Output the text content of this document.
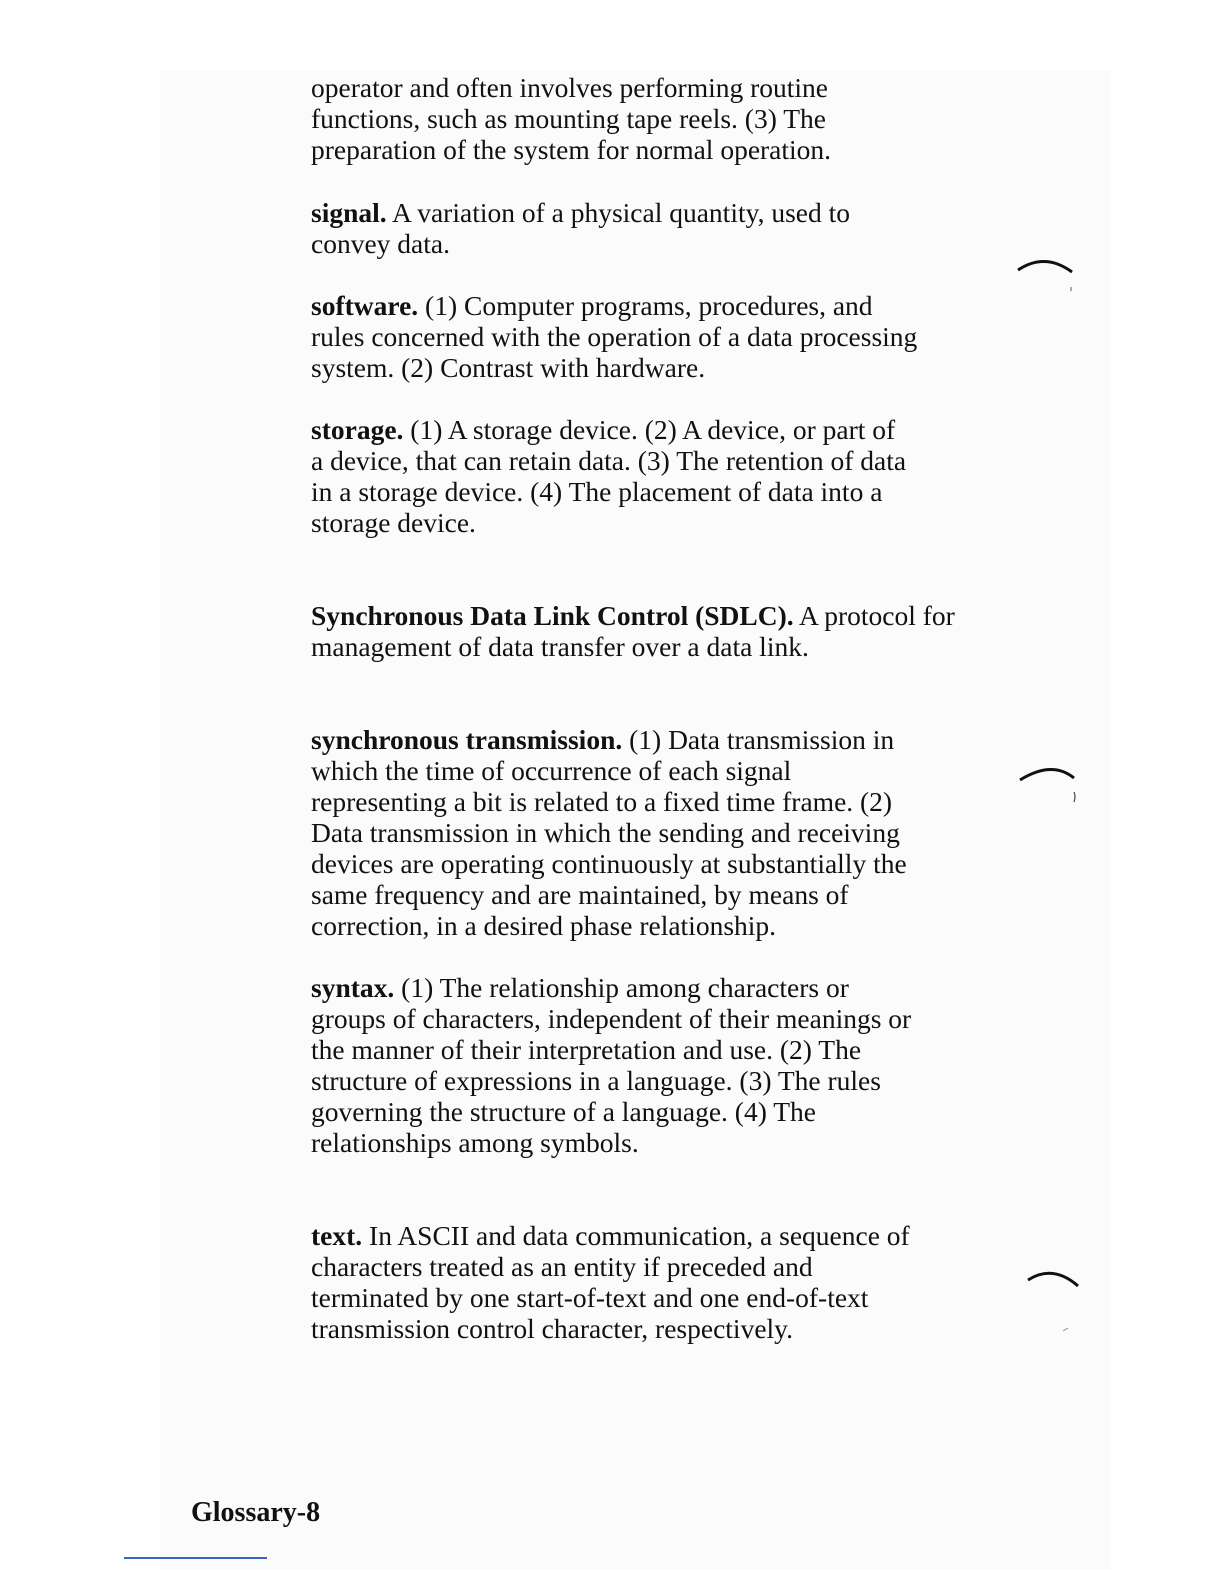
operator and often involves performing routine
functions, such as mounting tape reels. (3) The
preparation of the system for normal operation.
signal. A variation of a physical quantity, used to
convey data.
software. (1) Computer programs, procedures, and
rules concerned with the operation of a data processing
system. (2) Contrast with hardware.
storage. (1) A storage device. (2) A device, or part of
a device, that can retain data. (3) The retention of data
in a storage device. (4) The placement of data into a
storage device.
Synchronous Data Link Control (SDLC). A protocol for
management of data transfer over a data link.
synchronous transmission. (1) Data transmission in
which the time of occurrence of each signal
representing a bit is related to a fixed time frame. (2)
Data transmission in which the sending and receiving
devices are operating continuously at substantially the
same frequency and are maintained, by means of
correction, in a desired phase relationship.
syntax. (1) The relationship among characters or
groups of characters, independent of their meanings or
the manner of their interpretation and use. (2) The
structure of expressions in a language. (3) The rules
governing the structure of a language. (4) The
relationships among symbols.
text. In ASCII and data communication, a sequence of
characters treated as an entity if preceded and
terminated by one start-of-text and one end-of-text
transmission control character, respectively.
Glossary-8
